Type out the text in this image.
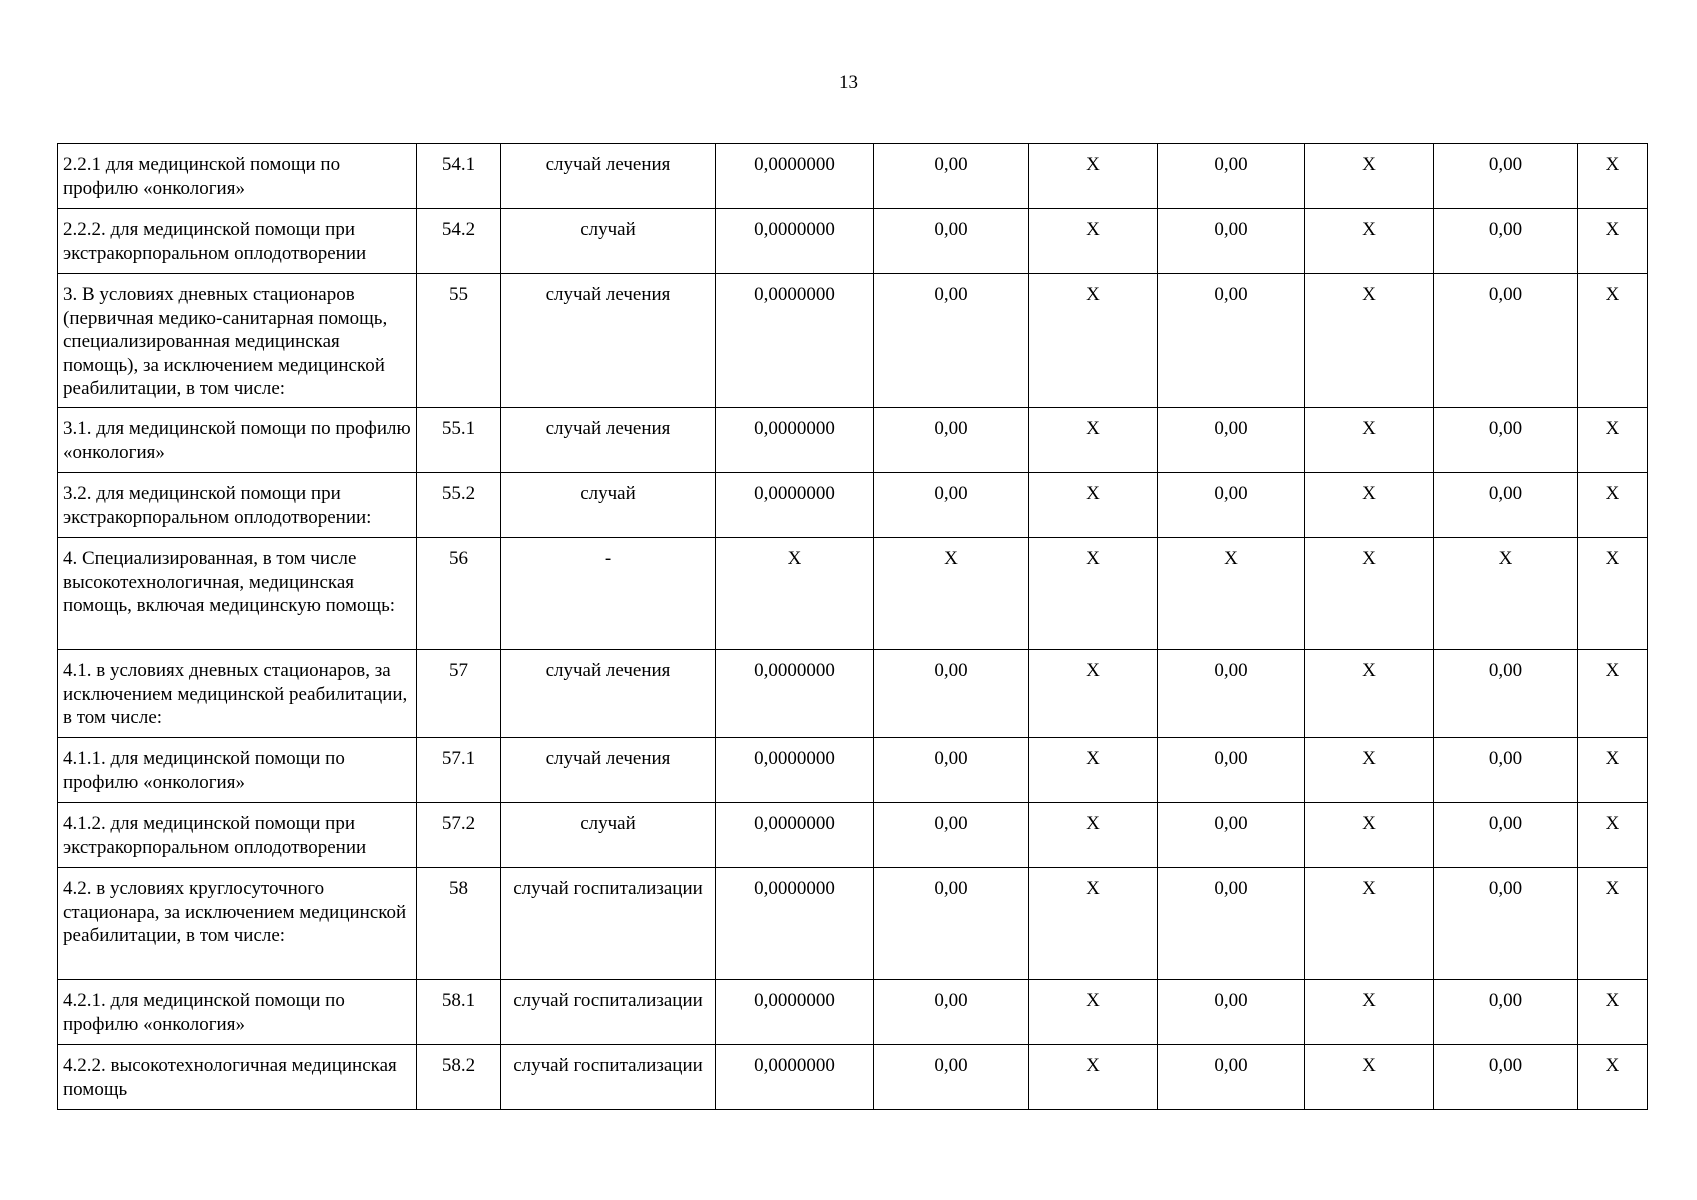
13
2.2.1 для медицинской помощи по профилю «онкология»	54.1	случай лечения	0,0000000	0,00	X	0,00	X	0,00	X
2.2.2. для медицинской помощи при экстракорпоральном оплодотворении	54.2	случай	0,0000000	0,00	X	0,00	X	0,00	X
3. В условиях дневных стационаров (первичная медико-санитарная помощь, специализированная медицинская помощь), за исключением медицинской реабилитации, в том числе:	55	случай лечения	0,0000000	0,00	X	0,00	X	0,00	X
3.1. для медицинской помощи по профилю «онкология»	55.1	случай лечения	0,0000000	0,00	X	0,00	X	0,00	X
3.2. для медицинской помощи при экстракорпоральном оплодотворении:	55.2	случай	0,0000000	0,00	X	0,00	X	0,00	X
4. Специализированная, в том числе высокотехнологичная, медицинская помощь, включая медицинскую помощь:	56	-	X	X	X	X	X	X	X
4.1. в условиях дневных стационаров, за исключением медицинской реабилитации, в том числе:	57	случай лечения	0,0000000	0,00	X	0,00	X	0,00	X
4.1.1. для медицинской помощи по профилю «онкология»	57.1	случай лечения	0,0000000	0,00	X	0,00	X	0,00	X
4.1.2. для медицинской помощи при экстракорпоральном оплодотворении	57.2	случай	0,0000000	0,00	X	0,00	X	0,00	X
4.2. в условиях круглосуточного стационара, за исключением медицинской реабилитации, в том числе:	58	случай госпитализации	0,0000000	0,00	X	0,00	X	0,00	X
4.2.1. для медицинской помощи по профилю «онкология»	58.1	случай госпитализации	0,0000000	0,00	X	0,00	X	0,00	X
4.2.2. высокотехнологичная медицинская помощь	58.2	случай госпитализации	0,0000000	0,00	X	0,00	X	0,00	X
